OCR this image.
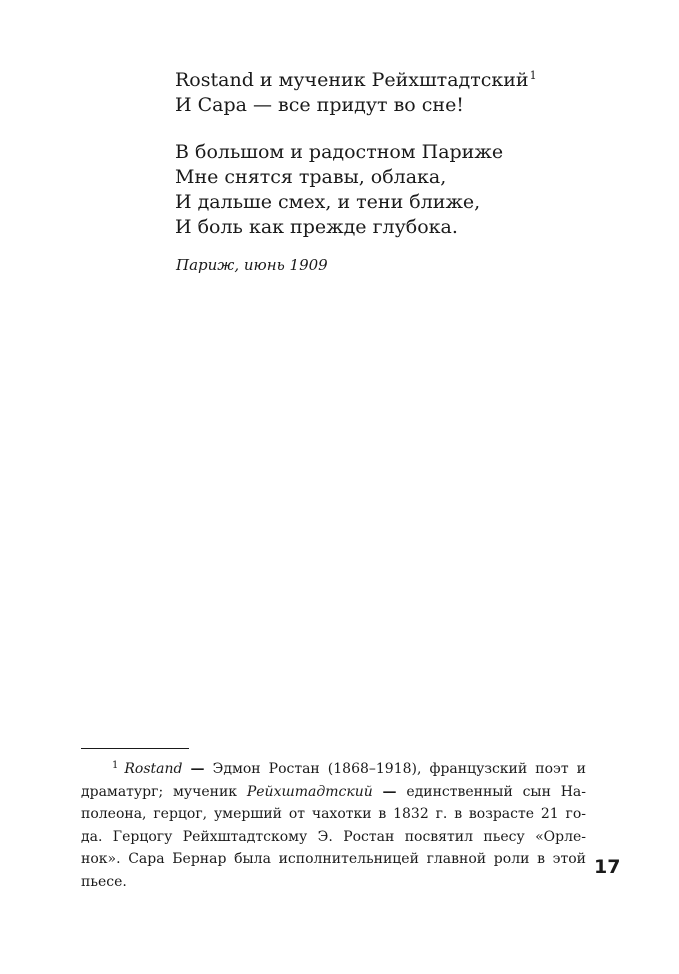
Rostand и мученик Рейхштадтский$^1$
И Сара — все придут во сне!
В большом и радостном Париже
Мне снятся травы, облака,
И дальше смех, и тени ближе,
И боль как прежде глубока.
Париж, июнь 1909
$^1$ Rostand — Эдмон Ростан (1868–1918), французский поэт и
драматург; мученик Рейхштадтский — единственный сын На-
полеона, герцог, умерший от чахотки в 1832 г. в возрасте 21 го-
да. Герцогу Рейхштадтскому Э. Ростан посвятил пьесу «Орле-
нок». Сара Бернар была исполнительницей главной роли в этой
пьесе.
17
